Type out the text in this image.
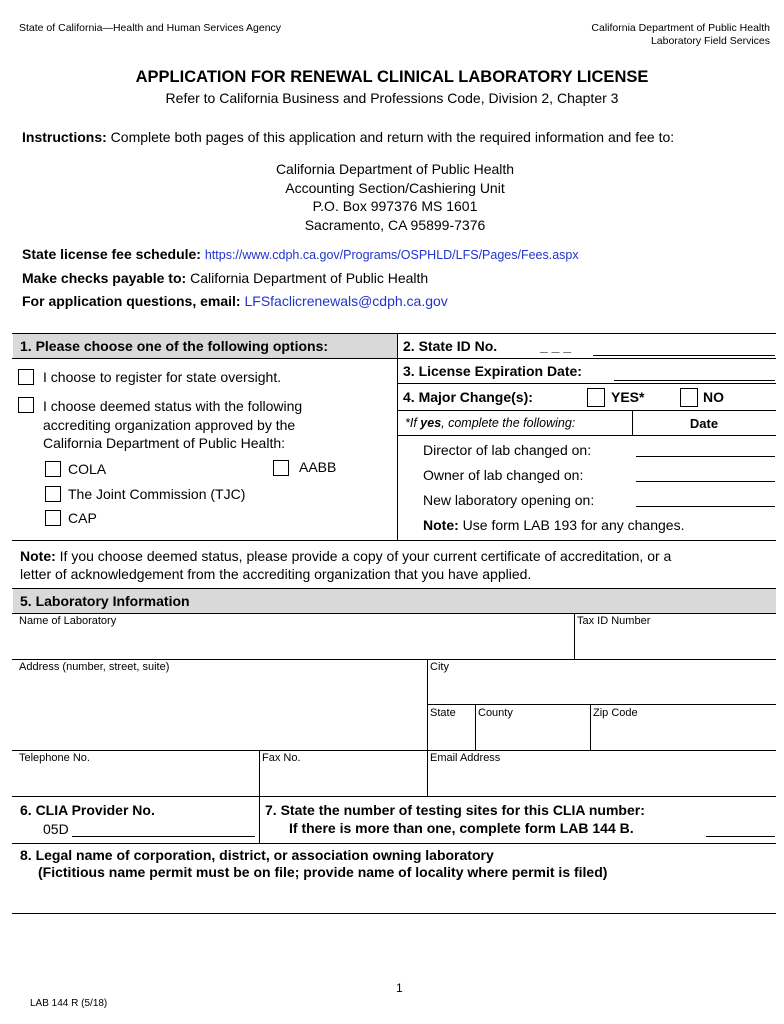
State of California—Health and Human Services Agency	California Department of Public Health
Laboratory Field Services
APPLICATION FOR RENEWAL CLINICAL LABORATORY LICENSE
Refer to California Business and Professions Code, Division 2, Chapter 3
Instructions: Complete both pages of this application and return with the required information and fee to:
California Department of Public Health
Accounting Section/Cashiering Unit
P.O. Box 997376 MS 1601
Sacramento, CA 95899-7376
State license fee schedule: https://www.cdph.ca.gov/Programs/OSPHLD/LFS/Pages/Fees.aspx
Make checks payable to: California Department of Public Health
For application questions, email: LFSfaclicrenewals@cdph.ca.gov
1. Please choose one of the following options:
I choose to register for state oversight.
I choose deemed status with the following
accrediting organization approved by the
California Department of Public Health:
COLA	AABB
The Joint Commission (TJC)
CAP
2. State ID No.	_ _ _
3. License Expiration Date:
4. Major Change(s):	YES*	NO
*If yes, complete the following:	Date
Director of lab changed on:
Owner of lab changed on:
New laboratory opening on:
Note: Use form LAB 193 for any changes.
Note: If you choose deemed status, please provide a copy of your current certificate of accreditation, or a
letter of acknowledgement from the accrediting organization that you have applied.
5. Laboratory Information
Name of Laboratory	Tax ID Number
Address (number, street, suite)	City
State County	Zip Code
Telephone No.	Fax No.	Email Address
6. CLIA Provider No.
05D
7. State the number of testing sites for this CLIA number:
If there is more than one, complete form LAB 144 B.
8. Legal name of corporation, district, or association owning laboratory
(Fictitious name permit must be on file; provide name of locality where permit is filed)
1
LAB 144 R (5/18)
